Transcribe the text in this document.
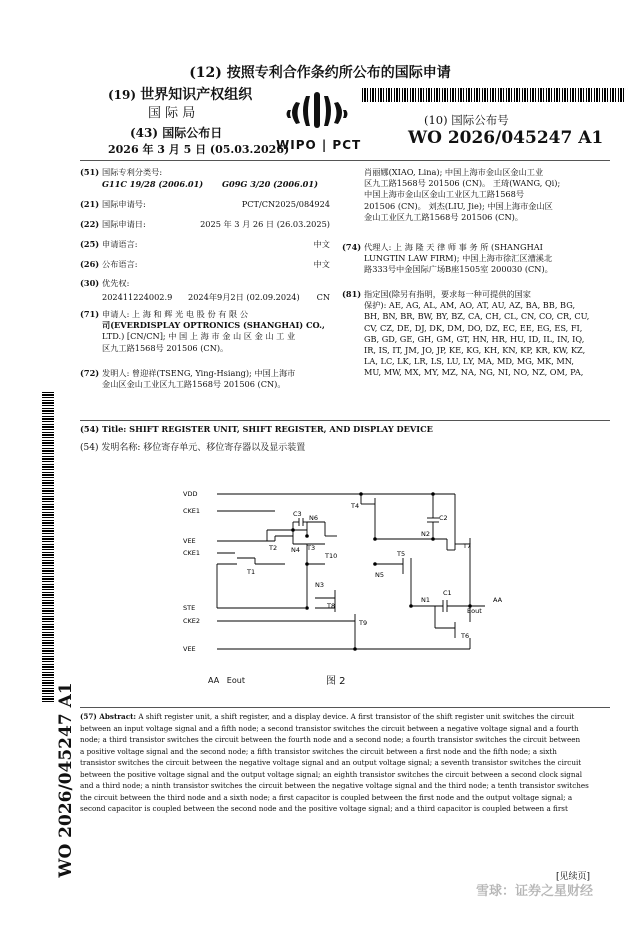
(12) 按照专利合作条约所公布的国际申请
(19) 世界知识产权组织
国 际 局
(43) 国际公布日
2026 年 3 月 5 日 (05.03.2026)
WIPO | PCT
(10) 国际公布号
WO 2026/045247 A1
WO 2026/045247 A1
(51) 国际专利分类号:
G11C 19/28 (2006.01) G09G 3/20 (2006.01)
(21) 国际申请号:	PCT/CN2025/084924
(22) 国际申请日:	2025 年 3 月 26 日 (26.03.2025)
(25) 申请语言:	中文
(26) 公布语言:	中文
(30) 优先权:
202411224002.9 2024年9月2日 (02.09.2024) CN
(71) 申请人: 上 海 和 辉 光 电 股 份 有 限 公
司(EVERDISPLAY OPTRONICS (SHANGHAI) CO.,
LTD.) [CN/CN]; 中 国 上 海 市 金 山 区 金 山 工 业
区九工路1568号 201506 (CN)。
(72) 发明人: 曾迎祥(TSENG, Ying-Hsiang); 中国上海市
金山区金山工业区九工路1568号 201506 (CN)。
肖丽娜(XIAO, Lina); 中国上海市金山区金山工业
区九工路1568号 201506 (CN)。 王琦(WANG, Qi);
中国上海市金山区金山工业区九工路1568号
201506 (CN)。 刘杰(LIU, Jie); 中国上海市金山区
金山工业区九工路1568号 201506 (CN)。
(74) 代理人: 上 海 隆 天 律 师 事 务 所 (SHANGHAI
LUNGTIN LAW FIRM); 中国上海市徐汇区漕溪北
路333号中金国际广场B座1505室 200030 (CN)。
(81) 指定国(除另有指明，要求每一种可提供的国家
保护): AE, AG, AL, AM, AO, AT, AU, AZ, BA, BB, BG,
BH, BN, BR, BW, BY, BZ, CA, CH, CL, CN, CO, CR, CU,
CV, CZ, DE, DJ, DK, DM, DO, DZ, EC, EE, EG, ES, FI,
GB, GD, GE, GH, GM, GT, HN, HR, HU, ID, IL, IN, IQ,
IR, IS, IT, JM, JO, JP, KE, KG, KH, KN, KP, KR, KW, KZ,
LA, LC, LK, LR, LS, LU, LY, MA, MD, MG, MK, MN,
MU, MW, MX, MY, MZ, NA, NG, NI, NO, NZ, OM, PA,
(54) Title: SHIFT REGISTER UNIT, SHIFT REGISTER, AND DISPLAY DEVICE
(54) 发明名称: 移位寄存单元、移位寄存器以及显示装置
VDD
CKE1
VEE
CKE1
STE
CKE2
VEE
T1
T2	T3
T4
T5
T6
T7
T8
T9
T10
C1
C2
C3
N1
N2
N3
N4
N5
N6
AA
Eout
AA   Eout	图 2
(57) Abstract: A shift register unit, a shift register, and a display device. A first transistor of the shift register unit switches the circuit
between an input voltage signal and a fifth node; a second transistor switches the circuit between a negative voltage signal and a fourth
node; a third transistor switches the circuit between the fourth node and a second node; a fourth transistor switches the circuit between
a positive voltage signal and the second node; a fifth transistor switches the circuit between a first node and the fifth node; a sixth
transistor switches the circuit between the negative voltage signal and an output voltage signal; a seventh transistor switches the circuit
between the positive voltage signal and the output voltage signal; an eighth transistor switches the circuit between a second clock signal
and a third node; a ninth transistor switches the circuit between the negative voltage signal and the third node; a tenth transistor switches
the circuit between the third node and a sixth node; a first capacitor is coupled between the first node and the output voltage signal; a
second capacitor is coupled between the second node and the positive voltage signal; and a third capacitor is coupled between a first
[见续页]
雪球：证券之星财经
